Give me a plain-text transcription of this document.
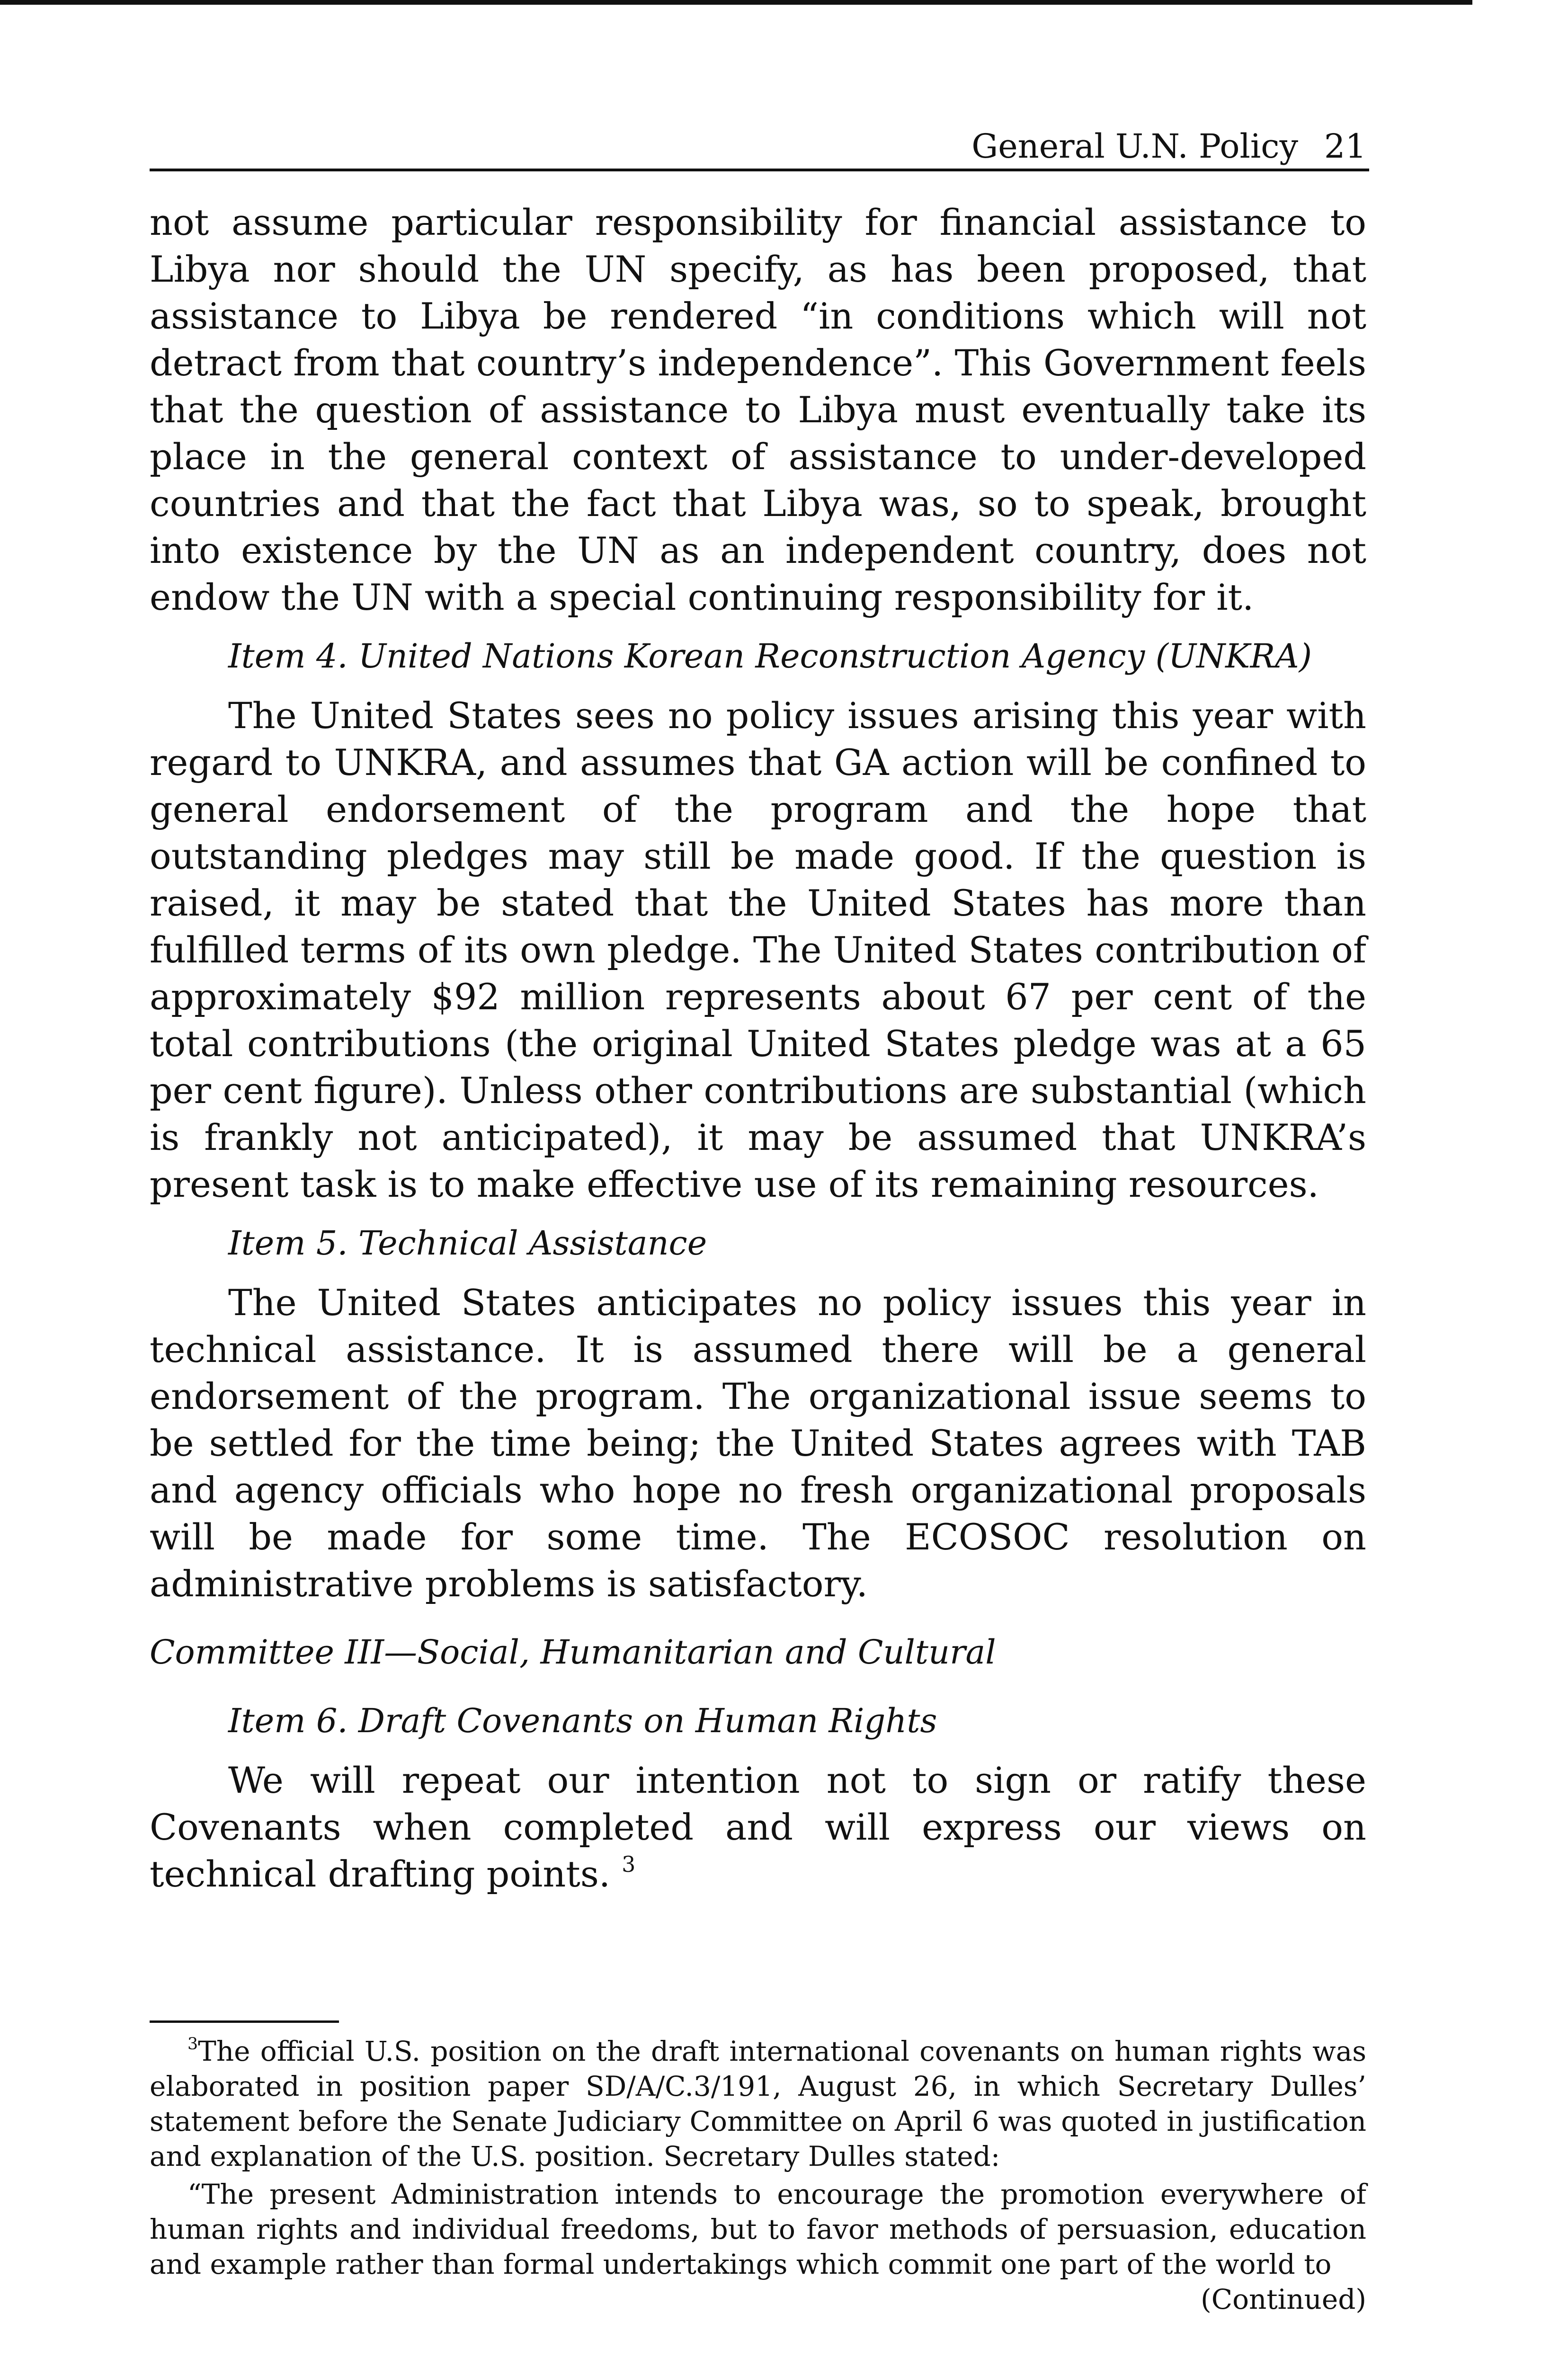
General U.N. Policy 21

not assume particular responsibility for financial assistance to Libya nor should the UN specify, as has been proposed, that assistance to Libya be rendered “in conditions which will not detract from that country’s independence”. This Government feels that the question of assistance to Libya must eventually take its place in the general context of assistance to under-developed countries and that the fact that Libya was, so to speak, brought into existence by the UN as an independent country, does not endow the UN with a special continuing responsibility for it.

Item 4. United Nations Korean Reconstruction Agency (UNKRA)

The United States sees no policy issues arising this year with regard to UNKRA, and assumes that GA action will be confined to general endorsement of the program and the hope that outstanding pledges may still be made good. If the question is raised, it may be stated that the United States has more than fulfilled terms of its own pledge. The United States contribution of approximately $92 million represents about 67 per cent of the total contributions (the original United States pledge was at a 65 per cent figure). Unless other contributions are substantial (which is frankly not anticipated), it may be assumed that UNKRA’s present task is to make effective use of its remaining resources.

Item 5. Technical Assistance

The United States anticipates no policy issues this year in technical assistance. It is assumed there will be a general endorsement of the program. The organizational issue seems to be settled for the time being; the United States agrees with TAB and agency officials who hope no fresh organizational proposals will be made for some time. The ECOSOC resolution on administrative problems is satisfactory.

Committee III—Social, Humanitarian and Cultural

Item 6. Draft Covenants on Human Rights

We will repeat our intention not to sign or ratify these Covenants when completed and will express our views on technical drafting points. $^3$

$^3$The official U.S. position on the draft international covenants on human rights was elaborated in position paper SD/A/C.3/191, August 26, in which Secretary Dulles’ statement before the Senate Judiciary Committee on April 6 was quoted in justification and explanation of the U.S. position. Secretary Dulles stated:

“The present Administration intends to encourage the promotion everywhere of human rights and individual freedoms, but to favor methods of persuasion, education and example rather than formal undertakings which commit one part of the world to

(Continued)
